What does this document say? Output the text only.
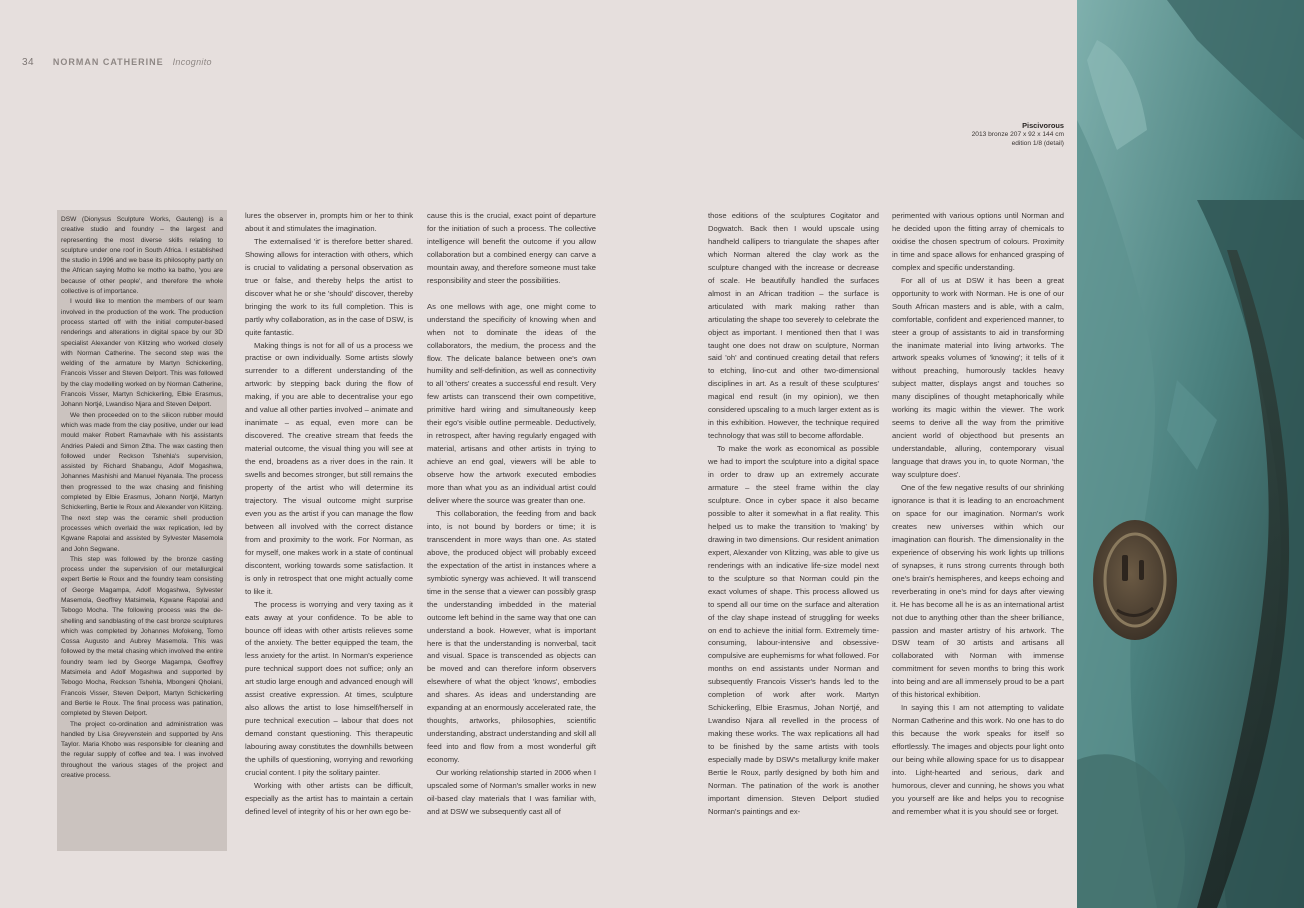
34 NORMAN CATHERINE Incognito

DSW (Dionysus Sculpture Works, Gauteng) is a creative studio and foundry – the largest and representing the most diverse skills relating to sculpture under one roof in South Africa. I established the studio in 1996 and we base its philosophy partly on the African saying Motho ke motho ka batho, 'you are because of other people', and therefore the whole collective is of importance.

I would like to mention the members of our team involved in the production of the work. The production process started off with the initial computer-based renderings and alterations in digital space by our 3D specialist Alexander von Klitzing who worked closely with Norman Catherine. The second step was the welding of the armature by Martyn Schickerling, Francois Visser and Steven Delport. This was followed by the clay modelling worked on by Norman Catherine, Francois Visser, Martyn Schickerling, Elbie Erasmus, Johann Nortjé, Lwandiso Njara and Steven Delport.

We then proceeded on to the silicon rubber mould which was made from the clay positive, under our lead mould maker Robert Ramavhale with his assistants Andries Paledi and Simon Ztha. The wax casting then followed under Reckson Tshehla's supervision, assisted by Richard Shabangu, Adolf Mogashwa, Johannes Mashishi and Manuel Nyanala. The process then progressed to the wax chasing and finishing completed by Elbie Erasmus, Johann Nortjé, Martyn Schickerling, Bertie le Roux and Alexander von Klitzing. The next step was the ceramic shell production processes which overlaid the wax replication, led by Kgwane Rapolai and assisted by Sylvester Masemola and John Segwane.

This step was followed by the bronze casting process under the supervision of our metallurgical expert Bertie le Roux and the foundry team consisting of George Magampa, Adolf Mogashwa, Sylvester Masemola, Geoffrey Matsimela, Kgwane Rapolai and Tebogo Mocha. The following process was the de-shelling and sandblasting of the cast bronze sculptures which was completed by Johannes Mofokeng, Tomo Cossa Augusto and Aubrey Masemola. This was followed by the metal chasing which involved the entire foundry team led by George Magampa, Geoffrey Matsimela and Adolf Mogashwa and supported by Tebogo Mocha, Reckson Tshehla, Mbongeni Qholani, Francois Visser, Steven Delport, Martyn Schickerling and Bertie le Roux. The final process was patination, completed by Steven Delport.

The project co-ordination and administration was handled by Lisa Greyvenstein and supported by Ans Taylor. Maria Khobo was responsible for cleaning and the regular supply of coffee and tea. I was involved throughout the various stages of the project and creative process.

lures the observer in, prompts him or her to think about it and stimulates the imagination.

The externalised 'it' is therefore better shared. Showing allows for interaction with others, which is crucial to validating a personal observation as true or false, and thereby helps the artist to discover what he or she 'should' discover, thereby bringing the work to its full completion. This is partly why collaboration, as in the case of DSW, is quite fantastic.

Making things is not for all of us a process we practise or own individually. Some artists slowly surrender to a different understanding of the artwork: by stepping back during the flow of making, if you are able to decentralise your ego and value all other parties involved – animate and inanimate – as equal, even more can be discovered. The creative stream that feeds the material outcome, the visual thing you will see at the end, broadens as a river does in the rain. It swells and becomes stronger, but still remains the property of the artist who will determine its trajectory. The visual outcome might surprise even you as the artist if you can manage the flow between all involved with the correct distance from and proximity to the work. For Norman, as for myself, one makes work in a state of continual discontent, working towards some satisfaction. It is only in retrospect that one might actually come to like it.

The process is worrying and very taxing as it eats away at your confidence. To be able to bounce off ideas with other artists relieves some of the anxiety. The better equipped the team, the less anxiety for the artist. In Norman's experience pure technical support does not suffice; only an art studio large enough and advanced enough will assist creative expression. At times, sculpture also allows the artist to lose himself/herself in pure technical execution – labour that does not demand constant questioning. This therapeutic labouring away constitutes the downhills between the uphills of questioning, worrying and reworking crucial content. I pity the solitary painter.

Working with other artists can be difficult, especially as the artist has to maintain a certain defined level of integrity of his or her own ego be-

cause this is the crucial, exact point of departure for the initiation of such a process. The collective intelligence will benefit the outcome if you allow collaboration but a combined energy can carve a mountain away, and therefore someone must take responsibility and steer the possibilities.

As one mellows with age, one might come to understand the specificity of knowing when and when not to dominate the ideas of the collaborators, the medium, the process and the flow. The delicate balance between one's own humility and self-definition, as well as connectivity to all 'others' creates a successful end result. Very few artists can transcend their own competitive, primitive hard wiring and simultaneously keep their ego's visible outline permeable. Deductively, in retrospect, after having regularly engaged with material, artisans and other artists in trying to achieve an end goal, viewers will be able to observe how the artwork executed embodies more than what you as an individual artist could deliver where the source was greater than one.

This collaboration, the feeding from and back into, is not bound by borders or time; it is transcendent in more ways than one. As stated above, the produced object will probably exceed the expectation of the artist in instances where a symbiotic synergy was achieved. It will transcend time in the sense that a viewer can possibly grasp the understanding imbedded in the material outcome left behind in the same way that one can understand a book. However, what is important here is that the understanding is nonverbal, tacit and visual. Space is transcended as objects can be moved and can therefore inform observers elsewhere of what the object 'knows', embodies and shares. As ideas and understanding are expanding at an enormously accelerated rate, the thoughts, artworks, philosophies, scientific understanding, abstract understanding and skill all feed into and flow from a most wonderful gift economy.

Our working relationship started in 2006 when I upscaled some of Norman's smaller works in new oil-based clay materials that I was familiar with, and at DSW we subsequently cast all of

Piscivorous
2013 bronze 207 x 92 x 144 cm
edition 1/8 (detail)

those editions of the sculptures Cogitator and Dogwatch. Back then I would upscale using handheld callipers to triangulate the shapes after which Norman altered the clay work as the sculpture changed with the increase or decrease of scale. He beautifully handled the surfaces almost in an African tradition – the surface is articulated with mark making rather than articulating the shape too severely to celebrate the object as important. I mentioned then that I was taught one does not draw on sculpture, Norman said 'oh' and continued creating detail that refers to etching, lino-cut and other two-dimensional disciplines in art. As a result of these sculptures' magical end result (in my opinion), we then considered upscaling to a much larger extent as is in this exhibition. However, the technique required technology that was still to become affordable.

To make the work as economical as possible we had to import the sculpture into a digital space in order to draw up an extremely accurate armature – the steel frame within the clay sculpture. Once in cyber space it also became possible to alter it somewhat in a flat reality. This helped us to make the transition to 'making' by drawing in two dimensions. Our resident animation expert, Alexander von Klitzing, was able to give us renderings with an indicative life-size model next to the sculpture so that Norman could pin the exact volumes of shape. This process allowed us to spend all our time on the surface and alteration of the clay shape instead of struggling for weeks on end to achieve the initial form. Extremely time-consuming, labour-intensive and obsessive-compulsive are euphemisms for what followed. For months on end assistants under Norman and subsequently Francois Visser's hands led to the completion of work after work. Martyn Schickerling, Elbie Erasmus, Johan Nortjé, and Lwandiso Njara all revelled in the process of making these works. The wax replications all had to be finished by the same artists with tools especially made by DSW's metallurgy knife maker Bertie le Roux, partly designed by both him and Norman. The patination of the work is another important dimension. Steven Delport studied Norman's paintings and ex-

perimented with various options until Norman and he decided upon the fitting array of chemicals to oxidise the chosen spectrum of colours. Proximity in time and space allows for enhanced grasping of complex and specific understanding.

For all of us at DSW it has been a great opportunity to work with Norman. He is one of our South African masters and is able, with a calm, comfortable, confident and experienced manner, to steer a group of assistants to aid in transforming the inanimate material into living artworks. The artwork speaks volumes of 'knowing'; it tells of it without preaching, humorously tackles heavy subject matter, displays angst and touches so many disciplines of thought metaphorically while working its magic within the viewer. The work seems to derive all the way from the primitive ancient world of objecthood but presents an understandable, alluring, contemporary visual language that draws you in, to quote Norman, 'the way sculpture does'.

One of the few negative results of our shrinking ignorance is that it is leading to an encroachment on space for our imagination. Norman's work creates new universes within which our imagination can flourish. The dimensionality in the experience of observing his work lights up trillions of synapses, it runs strong currents through both one's brain's hemispheres, and keeps echoing and reverberating in one's mind for days after viewing it. He has become all he is as an international artist not due to anything other than the sheer brilliance, passion and master artistry of his artwork. The DSW team of 30 artists and artisans all collaborated with Norman with immense commitment for seven months to bring this work into being and are all immensely proud to be a part of this historical exhibition.

In saying this I am not attempting to validate Norman Catherine and this work. No one has to do this because the work speaks for itself so effortlessly. The images and objects pour light onto our being while allowing space for us to disappear into. Light-hearted and serious, dark and humorous, clever and cunning, he shows you what you yourself are like and helps you to recognise and remember what it is you should see or forget.
